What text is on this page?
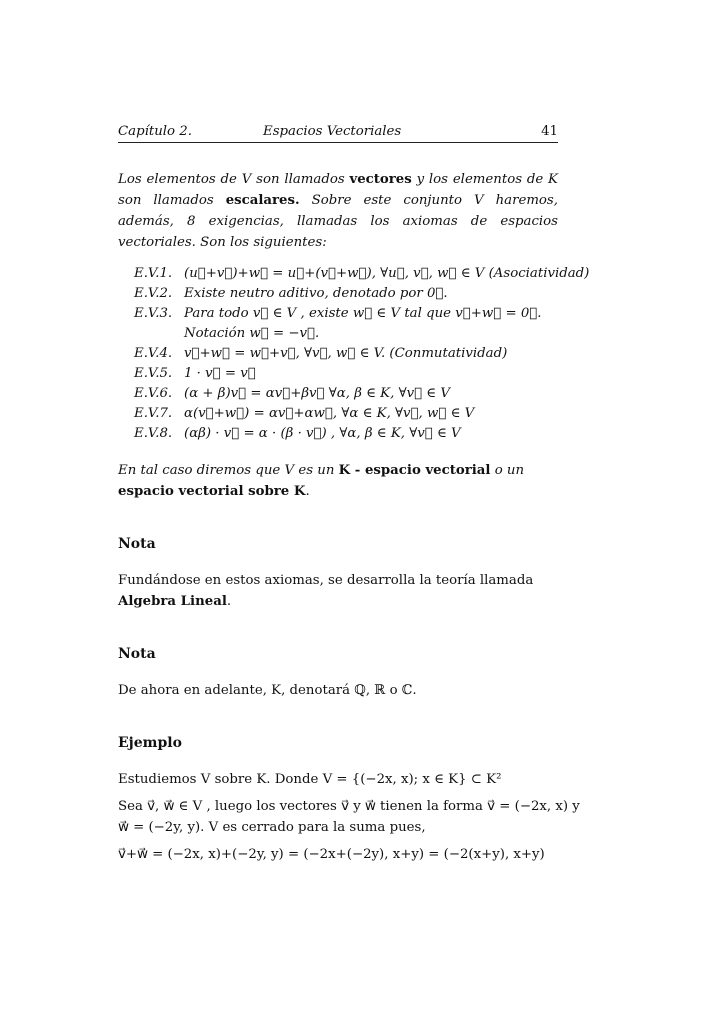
Capítulo 2.	Espacios Vectoriales	41

Los elementos de V son llamados vectores y los elementos de K son llamados escalares. Sobre este conjunto V haremos, además, 8 exigencias, llamadas los axiomas de espacios vectoriales. Son los siguientes:

E.V.1. (u⃗+v⃗)+w⃗ = u⃗+(v⃗+w⃗), ∀u⃗, v⃗, w⃗ ∈ V (Asociatividad)
E.V.2. Existe neutro aditivo, denotado por 0⃗.
E.V.3. Para todo v⃗ ∈ V , existe w⃗ ∈ V tal que v⃗+w⃗ = 0⃗.
Notación w⃗ = −v⃗.
E.V.4. v⃗+w⃗ = w⃗+v⃗, ∀v⃗, w⃗ ∈ V. (Conmutatividad)
E.V.5. 1 · v⃗ = v⃗
E.V.6. (α + β)v⃗ = αv⃗+βv⃗ ∀α, β ∈ K, ∀v⃗ ∈ V
E.V.7. α(v⃗+w⃗) = αv⃗+αw⃗, ∀α ∈ K, ∀v⃗, w⃗ ∈ V
E.V.8. (αβ) · v⃗ = α · (β · v⃗) , ∀α, β ∈ K, ∀v⃗ ∈ V

En tal caso diremos que V es un K - espacio vectorial o un espacio vectorial sobre K.

Nota

Fundándose en estos axiomas, se desarrolla la teoría llamada Algebra Lineal.

Nota

De ahora en adelante, K, denotará ℚ, ℝ o ℂ.

Ejemplo
Estudiemos V sobre K. Donde V = {(−2x, x); x ∈ K} ⊂ K²
Sea v⃗, w⃗ ∈ V , luego los vectores v⃗ y w⃗ tienen la forma v⃗ = (−2x, x) y
w⃗ = (−2y, y). V es cerrado para la suma pues,
v⃗+w⃗ = (−2x, x)+(−2y, y) = (−2x+(−2y), x+y) = (−2(x+y), x+y)
